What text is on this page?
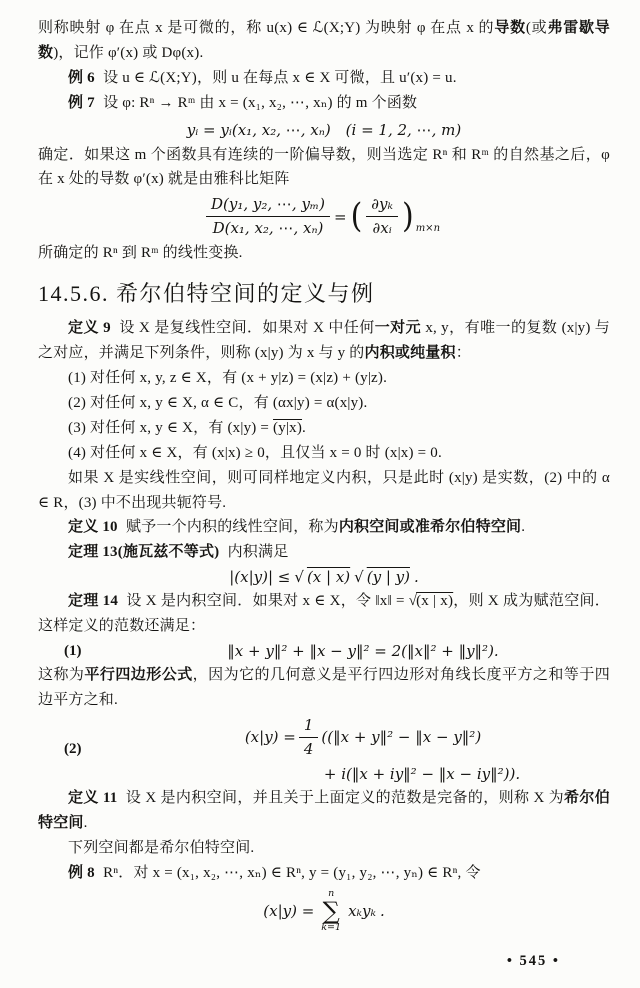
则称映射 φ 在点 x 是可微的，称 u(x) ∈ ℒ(X;Y) 为映射 φ 在点 x 的导数(或弗雷歇导数)，记作 φ′(x) 或 Dφ(x).

例 6 设 u ∈ ℒ(X;Y)，则 u 在每点 x ∈ X 可微，且 u′(x) = u.

例 7 设 φ: Rⁿ → Rᵐ 由 x = (x₁, x₂, ⋯, xₙ) 的 m 个函数

yᵢ = yᵢ(x₁, x₂, ⋯, xₙ)　(i = 1, 2, ⋯, m)

确定．如果这 m 个函数具有连续的一阶偏导数，则当选定 Rⁿ 和 Rᵐ 的自然基之后，φ 在 x 处的导数 φ′(x) 就是由雅科比矩阵

$\frac{\text{D(y₁, y₂, ⋯, yₘ)}}{\text{D(x₁, x₂, ⋯, xₙ)}}$ = ( $\frac{\text{∂yₖ}}{\text{∂xᵢ}}$ ) m×n

所确定的 Rⁿ 到 Rᵐ 的线性变换.

14.5.6. 希尔伯特空间的定义与例

定义 9 设 X 是复线性空间．如果对 X 中任何一对元 x, y，有唯一的复数 (x|y) 与之对应，并满足下列条件，则称 (x|y) 为 x 与 y 的内积或纯量积：

(1) 对任何 x, y, z ∈ X，有 (x + y|z) = (x|z) + (y|z).

(2) 对任何 x, y ∈ X, α ∈ C，有 (αx|y) = α(x|y).

(3) 对任何 x, y ∈ X，有 (x|y) = (y|x).

(4) 对任何 x ∈ X，有 (x|x) ≥ 0，且仅当 x = 0 时 (x|x) = 0.

如果 X 是实线性空间，则可同样地定义内积，只是此时 (x|y) 是实数，(2) 中的 α ∈ R，(3) 中不出现共轭符号.

定义 10 赋予一个内积的线性空间，称为内积空间或准希尔伯特空间.

定理 13(施瓦兹不等式) 内积满足

|(x|y)| ≤ √ (x | x) √ (y | y) .

定理 14 设 X 是内积空间．如果对 x ∈ X，令 ‖x‖ = √(x | x)，则 X 成为赋范空间．这样定义的范数还满足：

(1)	‖x + y‖² + ‖x − y‖² = 2(‖x‖² + ‖y‖²).

这称为平行四边形公式，因为它的几何意义是平行四边形对角线长度平方之和等于四边平方之和.

(2)
$(x|y) = \frac{1}{4}$ ((‖x + y‖² − ‖x − y‖²)
+ i(‖x + iy‖² − ‖x − iy‖²)).

定义 11 设 X 是内积空间，并且关于上面定义的范数是完备的，则称 X 为希尔伯特空间.

下列空间都是希尔伯特空间.

例 8 Rⁿ．对 x = (x₁, x₂, ⋯, xₙ) ∈ Rⁿ, y = (y₁, y₂, ⋯, yₙ) ∈ Rⁿ, 令

(x|y) =
n
∑
k=1
xₖyₖ .
• 545 •
